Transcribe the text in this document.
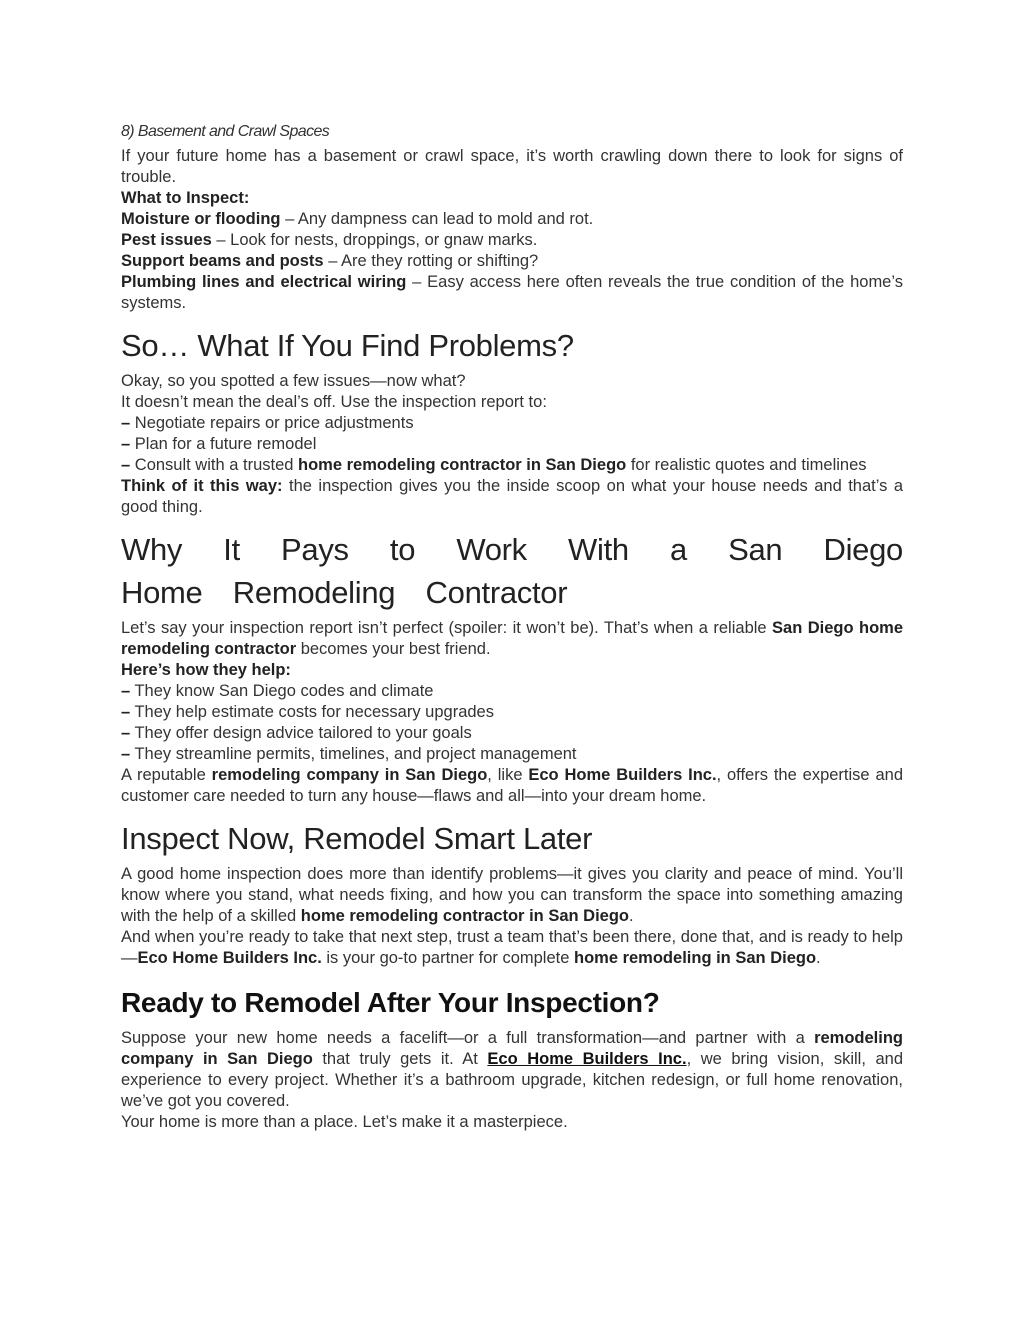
8) Basement and Crawl Spaces

If your future home has a basement or crawl space, it’s worth crawling down there to look for signs of trouble.

What to Inspect:

Moisture or flooding – Any dampness can lead to mold and rot.

Pest issues – Look for nests, droppings, or gnaw marks.

Support beams and posts – Are they rotting or shifting?

Plumbing lines and electrical wiring – Easy access here often reveals the true condition of the home’s systems.

So… What If You Find Problems?

Okay, so you spotted a few issues—now what?

It doesn’t mean the deal’s off. Use the inspection report to:

– Negotiate repairs or price adjustments

– Plan for a future remodel

– Consult with a trusted home remodeling contractor in San Diego for realistic quotes and timelines

Think of it this way: the inspection gives you the inside scoop on what your house needs and that’s a good thing.

Why It Pays to Work With a San Diego Home Remodeling Contractor

Let’s say your inspection report isn’t perfect (spoiler: it won’t be). That’s when a reliable San Diego home remodeling contractor becomes your best friend.

Here’s how they help:

– They know San Diego codes and climate

– They help estimate costs for necessary upgrades

– They offer design advice tailored to your goals

– They streamline permits, timelines, and project management

A reputable remodeling company in San Diego, like Eco Home Builders Inc., offers the expertise and customer care needed to turn any house—flaws and all—into your dream home.

Inspect Now, Remodel Smart Later

A good home inspection does more than identify problems—it gives you clarity and peace of mind. You’ll know where you stand, what needs fixing, and how you can transform the space into something amazing with the help of a skilled home remodeling contractor in San Diego.

And when you’re ready to take that next step, trust a team that’s been there, done that, and is ready to help—Eco Home Builders Inc. is your go-to partner for complete home remodeling in San Diego.

Ready to Remodel After Your Inspection?

Suppose your new home needs a facelift—or a full transformation—and partner with a remodeling company in San Diego that truly gets it. At Eco Home Builders Inc., we bring vision, skill, and experience to every project. Whether it’s a bathroom upgrade, kitchen redesign, or full home renovation, we’ve got you covered.

Your home is more than a place. Let’s make it a masterpiece.
